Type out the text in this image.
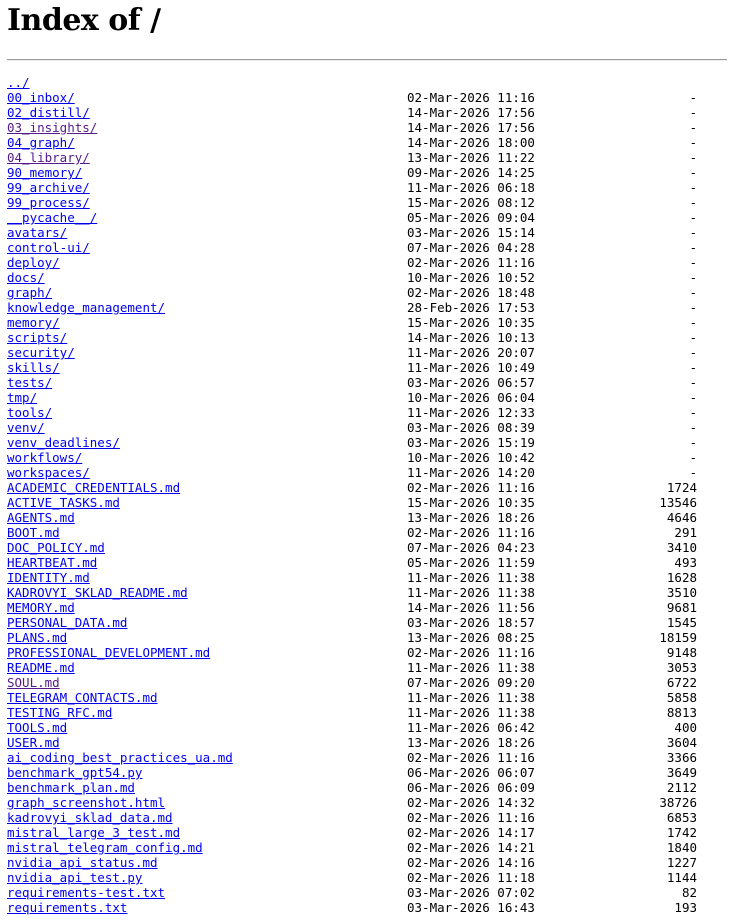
Index of /

../

00_inbox/	02-Mar-2026 11:16	-
02_distill/	14-Mar-2026 17:56	-
03_insights/	14-Mar-2026 17:56	-
04_graph/	14-Mar-2026 18:00	-
04_library/	13-Mar-2026 11:22	-
90_memory/	09-Mar-2026 14:25	-
99_archive/	11-Mar-2026 06:18	-
99_process/	15-Mar-2026 08:12	-
__pycache__/	05-Mar-2026 09:04	-
avatars/	03-Mar-2026 15:14	-
control-ui/	07-Mar-2026 04:28	-
deploy/	02-Mar-2026 11:16	-
docs/	10-Mar-2026 10:52	-
graph/	02-Mar-2026 18:48	-
knowledge_management/	28-Feb-2026 17:53	-
memory/	15-Mar-2026 10:35	-
scripts/	14-Mar-2026 10:13	-
security/	11-Mar-2026 20:07	-
skills/	11-Mar-2026 10:49	-
tests/	03-Mar-2026 06:57	-
tmp/	10-Mar-2026 06:04	-
tools/	11-Mar-2026 12:33	-
venv/	03-Mar-2026 08:39	-
venv_deadlines/	03-Mar-2026 15:19	-
workflows/	10-Mar-2026 10:42	-
workspaces/	11-Mar-2026 14:20	-
ACADEMIC_CREDENTIALS.md	02-Mar-2026 11:16	1724
ACTIVE_TASKS.md	15-Mar-2026 10:35	13546
AGENTS.md	13-Mar-2026 18:26	4646
BOOT.md	02-Mar-2026 11:16	291
DOC_POLICY.md	07-Mar-2026 04:23	3410
HEARTBEAT.md	05-Mar-2026 11:59	493
IDENTITY.md	11-Mar-2026 11:38	1628
KADROVYI_SKLAD_README.md	11-Mar-2026 11:38	3510
MEMORY.md	14-Mar-2026 11:56	9681
PERSONAL_DATA.md	03-Mar-2026 18:57	1545
PLANS.md	13-Mar-2026 08:25	18159
PROFESSIONAL_DEVELOPMENT.md	02-Mar-2026 11:16	9148
README.md	11-Mar-2026 11:38	3053
SOUL.md	07-Mar-2026 09:20	6722
TELEGRAM_CONTACTS.md	11-Mar-2026 11:38	5858
TESTING_RFC.md	11-Mar-2026 11:38	8813
TOOLS.md	11-Mar-2026 06:42	400
USER.md	13-Mar-2026 18:26	3604
ai_coding_best_practices_ua.md	02-Mar-2026 11:16	3366
benchmark_gpt54.py	06-Mar-2026 06:07	3649
benchmark_plan.md	06-Mar-2026 06:09	2112
graph_screenshot.html	02-Mar-2026 14:32	38726
kadrovyi_sklad_data.md	02-Mar-2026 11:16	6853
mistral_large_3_test.md	02-Mar-2026 14:17	1742
mistral_telegram_config.md	02-Mar-2026 14:21	1840
nvidia_api_status.md	02-Mar-2026 14:16	1227
nvidia_api_test.py	02-Mar-2026 11:18	1144
requirements-test.txt	03-Mar-2026 07:02	82
requirements.txt	03-Mar-2026 16:43	193
